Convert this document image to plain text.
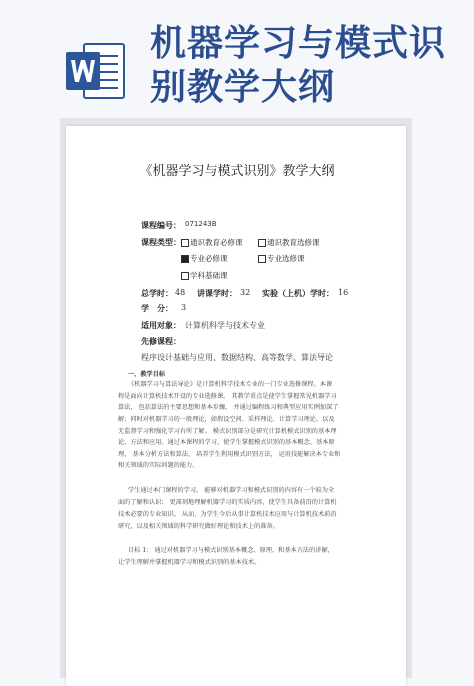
机器学习与模式识
别教学大纲
《机器学习与模式识别》教学大纲
课程编号： 071243B
课程类型：	通识教育必修课	通识教育选修课
专业必修课	专业选修课
学科基础课
总学时： 48 讲课学时： 32 实验（上机）学时： 16
学　分： 3
适用对象： 计算机科学与技术专业
先修课程：
程序设计基础与应用、数据结构、高等数学、算法导论
一、教学目标
《机器学习与算法导论》是计算机科学技术专业的一门专业选修课程。本课
程是面向计算机技术开设的专业选修课。 其教学重点是使学生掌握常见机器学习
算法， 包括算法的主要思想和基本步骤， 并通过编程练习和典型应用实例加深了
解；同时对机器学习的一般理论，如假设空间、采样理论、计算学习理论，以及
无监督学习和强化学习有所了解。 模式识别部分是研究计算机模式识别的基本理
论、方法和应用。通过本课程的学习，使学生掌握模式识别的基本概念、基本原
理、 基本分析方法和算法， 培养学生利用模式识别方法， 运用技能解决本专业和
相关领域的实际问题的能力。
学生通过本门课程的学习， 能够对机器学习和模式识别的内容有一个较为全
面的了解和认识； 更深刻地理解机器学习的实质内容，使学生具备前沿的计算机
技术必要的专业知识。 从而，为学生今后从事计算机技术应用与计算机技术前沿
研究，以及相关领域的科学研究做好理论和技术上的准备。
目标 1： 通过对机器学习与模式识别基本概念、原理、和基本方法的讲解，
让学生理解并掌握机器学习和模式识别的基本技术。
